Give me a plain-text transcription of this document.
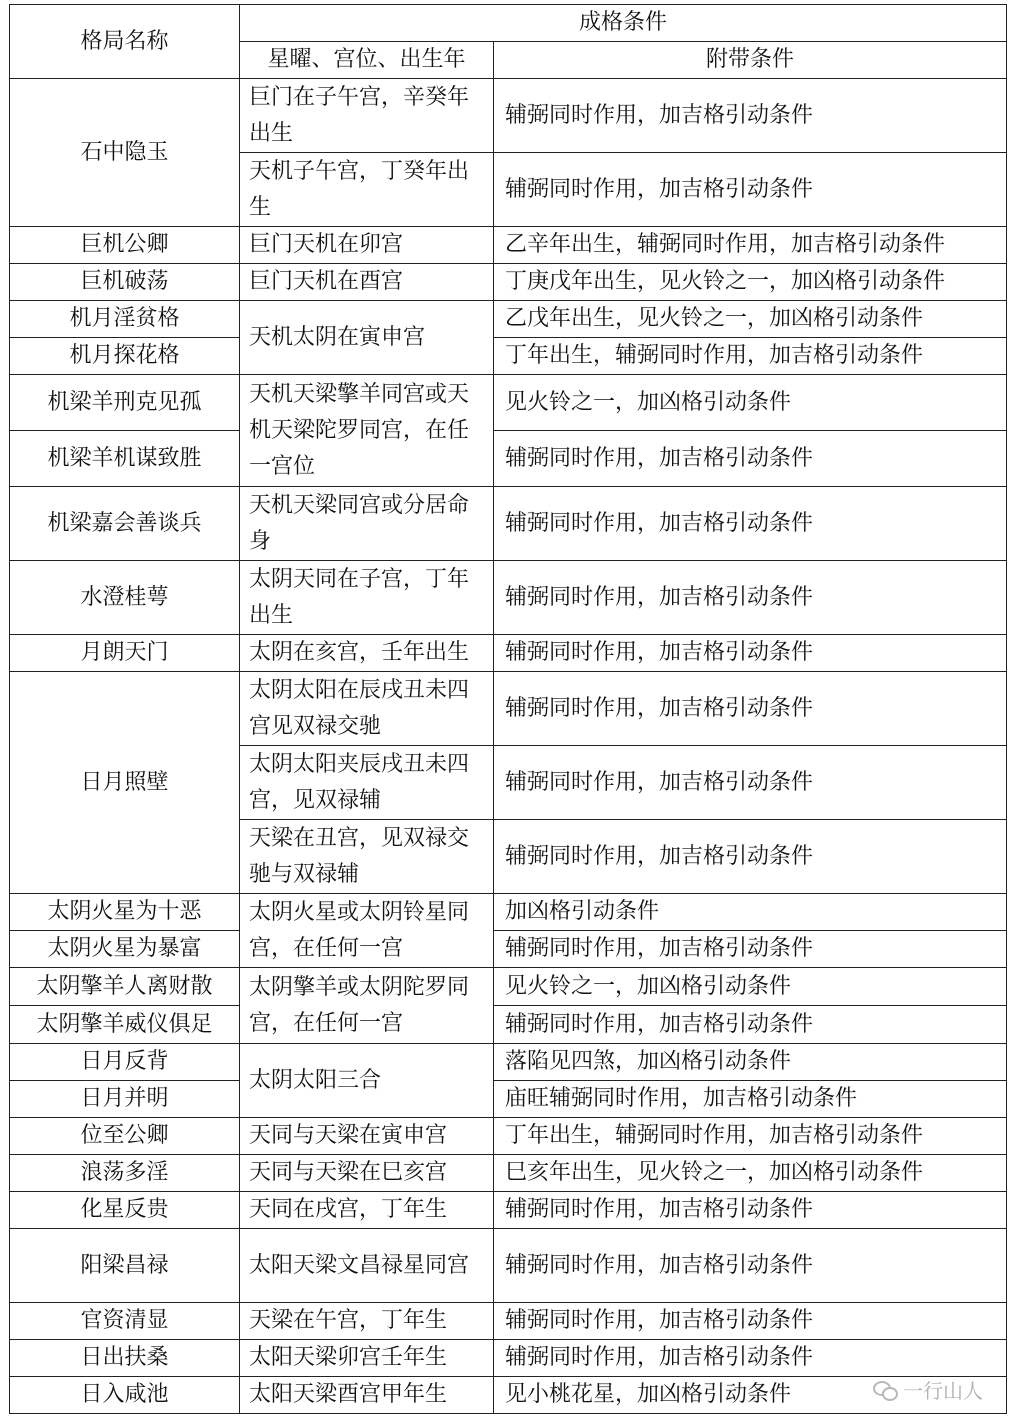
格局名称	成格条件	
	星曜、宫位、出生年	附带条件
石中隐玉	巨门在子午宫，辛癸年出生	辅弼同时作用，加吉格引动条件
	天机子午宫，丁癸年出生	辅弼同时作用，加吉格引动条件
巨机公卿	巨门天机在卯宫	乙辛年出生，辅弼同时作用，加吉格引动条件
巨机破荡	巨门天机在酉宫	丁庚戊年出生，见火铃之一，加凶格引动条件
机月淫贫格	天机太阴在寅申宫	乙戊年出生，见火铃之一，加凶格引动条件
机月探花格		丁年出生，辅弼同时作用，加吉格引动条件
机梁羊刑克见孤	天机天梁擎羊同宫或天机天梁陀罗同宫，在任一宫位	见火铃之一，加凶格引动条件
机梁羊机谋致胜		辅弼同时作用，加吉格引动条件
机梁嘉会善谈兵	天机天梁同宫或分居命身	辅弼同时作用，加吉格引动条件
水澄桂萼	太阴天同在子宫，丁年出生	辅弼同时作用，加吉格引动条件
月朗天门	太阴在亥宫，壬年出生	辅弼同时作用，加吉格引动条件
日月照壁	太阴太阳在辰戌丑未四宫见双禄交驰	辅弼同时作用，加吉格引动条件
	太阴太阳夹辰戌丑未四宫，见双禄辅	辅弼同时作用，加吉格引动条件
	天梁在丑宫，见双禄交驰与双禄辅	辅弼同时作用，加吉格引动条件
太阴火星为十恶	太阴火星或太阴铃星同宫，在任何一宫	加凶格引动条件
太阴火星为暴富		辅弼同时作用，加吉格引动条件
太阴擎羊人离财散	太阴擎羊或太阴陀罗同宫，在任何一宫	见火铃之一，加凶格引动条件
太阴擎羊威仪俱足		辅弼同时作用，加吉格引动条件
日月反背	太阴太阳三合	落陷见四煞，加凶格引动条件
日月并明		庙旺辅弼同时作用，加吉格引动条件
位至公卿	天同与天梁在寅申宫	丁年出生，辅弼同时作用，加吉格引动条件
浪荡多淫	天同与天梁在巳亥宫	巳亥年出生，见火铃之一，加凶格引动条件
化星反贵	天同在戌宫，丁年生	辅弼同时作用，加吉格引动条件
阳梁昌禄	太阳天梁文昌禄星同宫	辅弼同时作用，加吉格引动条件
官资清显	天梁在午宫，丁年生	辅弼同时作用，加吉格引动条件
日出扶桑	太阳天梁卯宫壬年生	辅弼同时作用，加吉格引动条件
日入咸池	太阳天梁酉宫甲年生	见小桃花星，加凶格引动条件	一行山人
